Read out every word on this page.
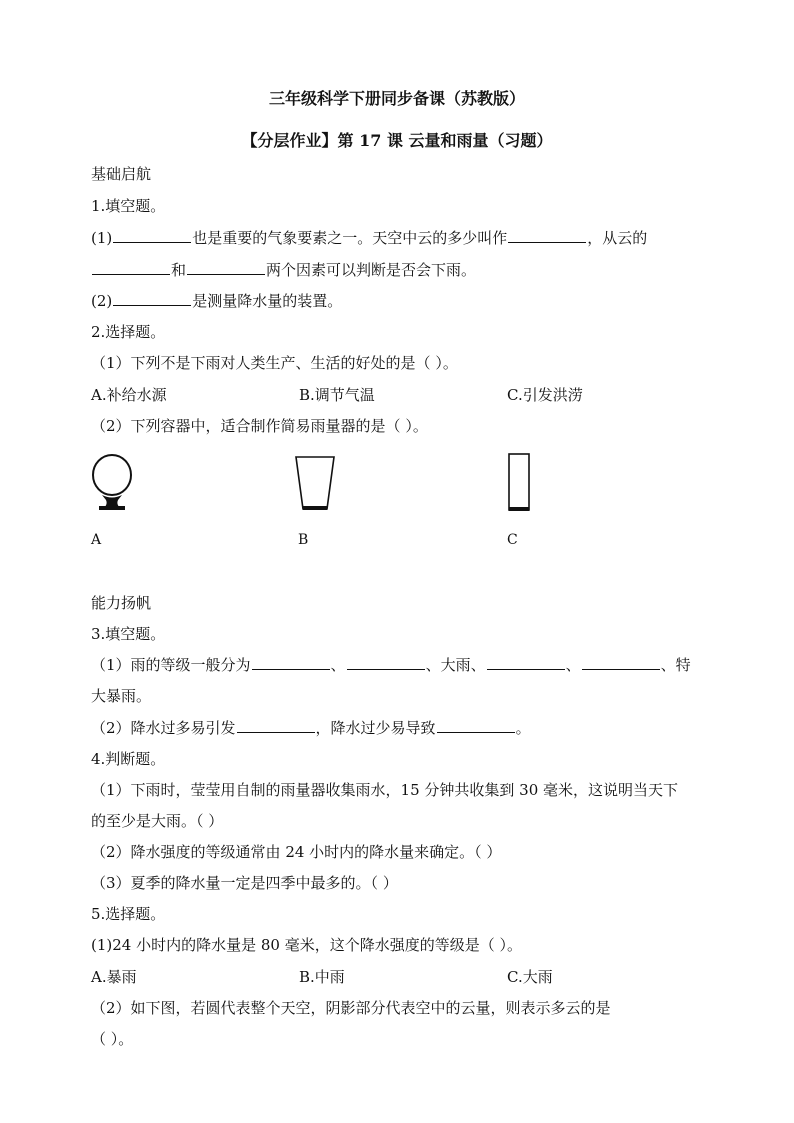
三年级科学下册同步备课（苏教版）
【分层作业】第 17 课 云量和雨量（习题）
基础启航
1.填空题。
(1)	也是重要的气象要素之一。天空中云的多少叫作	，从云的
和	两个因素可以判断是否会下雨。
(2)	是测量降水量的装置。
2.选择题。
（1）下列不是下雨对人类生产、生活的好处的是（ ）。
A.补给水源	B.调节气温	C.引发洪涝
（2）下列容器中，适合制作简易雨量器的是（ ）。
A	B	C
能力扬帆
3.填空题。
（1）雨的等级一般分为	、	、大雨、	、	、特
大暴雨。
（2）降水过多易引发	，降水过少易导致	。
4.判断题。
（1）下雨时，莹莹用自制的雨量器收集雨水，15 分钟共收集到 30 毫米，这说明当天下
的至少是大雨。（ ）
（2）降水强度的等级通常由 24 小时内的降水量来确定。（ ）
（3）夏季的降水量一定是四季中最多的。（ ）
5.选择题。
(1)24 小时内的降水量是 80 毫米，这个降水强度的等级是（ ）。
A.暴雨	B.中雨	C.大雨
（2）如下图，若圆代表整个天空，阴影部分代表空中的云量，则表示多云的是
（ ）。
